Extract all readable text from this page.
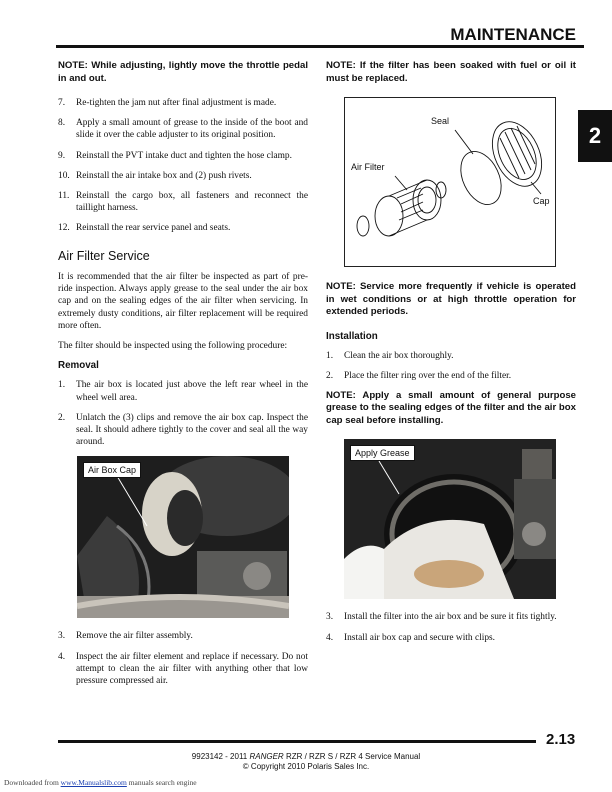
MAINTENANCE
2

NOTE: While adjusting, lightly move the throttle pedal in and out.

7.	Re-tighten the jam nut after final adjustment is made.
8.	Apply a small amount of grease to the inside of the boot and slide it over the cable adjuster to its original position.
9.	Reinstall the PVT intake duct and tighten the hose clamp.
10. Reinstall the air intake box and (2) push rivets.
11. Reinstall the cargo box, all fasteners and reconnect the taillight harness.
12. Reinstall the rear service panel and seats.
Air Filter Service

It is recommended that the air filter be inspected as part of pre-ride inspection. Always apply grease to the seal under the air box cap and on the sealing edges of the air filter when servicing. In extremely dusty conditions, air filter replacement will be required more often.

The filter should be inspected using the following procedure:

Removal
1.	The air box is located just above the left rear wheel in the wheel well area.
2.	Unlatch the (3) clips and remove the air box cap. Inspect the seal. It should adhere tightly to the cover and seal all the way around.
Air Box Cap
3.	Remove the air filter assembly.
4.	Inspect the air filter element and replace if necessary. Do not attempt to clean the air filter with anything other that low pressure compressed air.

NOTE: If the filter has been soaked with fuel or oil it must be replaced.

Seal
Air Filter
Cap

NOTE: Service more frequently if vehicle is operated in wet conditions or at high throttle operation for extended periods.

Installation
1.	Clean the air box thoroughly.
2.	Place the filter ring over the end of the filter.

NOTE: Apply a small amount of general purpose grease to the sealing edges of the filter and the air box cap seal before installing.

Apply Grease
3.	Install the filter into the air box and be sure it fits tightly.
4.	Install air box cap and secure with clips.
2.13
9923142 - 2011 RANGER RZR / RZR S / RZR 4 Service Manual
© Copyright 2010 Polaris Sales Inc.
Downloaded from www.Manualslib.com manuals search engine
